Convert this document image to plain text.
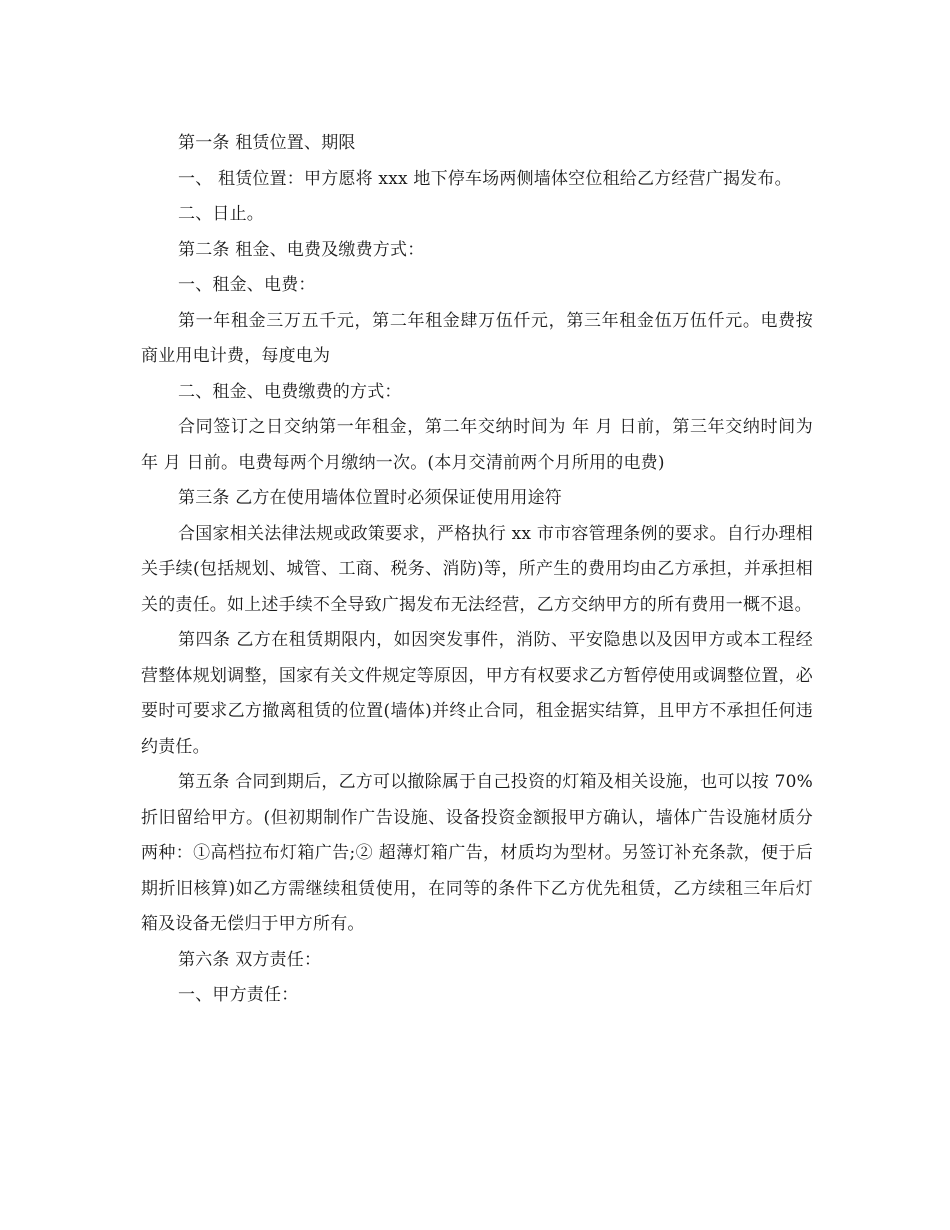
第一条 租赁位置、期限

一、 租赁位置：甲方愿将 xxx 地下停车场两侧墙体空位租给乙方经营广揭发布。

二、日止。

第二条 租金、电费及缴费方式：

一、租金、电费：

第一年租金三万五千元，第二年租金肆万伍仟元，第三年租金伍万伍仟元。电费按商业用电计费，每度电为

二、租金、电费缴费的方式：

合同签订之日交纳第一年租金，第二年交纳时间为 年 月 日前，第三年交纳时间为 年 月 日前。电费每两个月缴纳一次。(本月交清前两个月所用的电费)

第三条 乙方在使用墙体位置时必须保证使用用途符

合国家相关法律法规或政策要求，严格执行 xx 市市容管理条例的要求。自行办理相关手续(包括规划、城管、工商、税务、消防)等，所产生的费用均由乙方承担，并承担相关的责任。如上述手续不全导致广揭发布无法经营，乙方交纳甲方的所有费用一概不退。

第四条 乙方在租赁期限内，如因突发事件，消防、平安隐患以及因甲方或本工程经营整体规划调整，国家有关文件规定等原因，甲方有权要求乙方暂停使用或调整位置，必要时可要求乙方撤离租赁的位置(墙体)并终止合同，租金据实结算，且甲方不承担任何违约责任。

第五条 合同到期后，乙方可以撤除属于自己投资的灯箱及相关设施，也可以按 70%折旧留给甲方。(但初期制作广告设施、设备投资金额报甲方确认，墙体广告设施材质分两种：①高档拉布灯箱广告;② 超薄灯箱广告，材质均为型材。另签订补充条款，便于后期折旧核算)如乙方需继续租赁使用，在同等的条件下乙方优先租赁，乙方续租三年后灯箱及设备无偿归于甲方所有。

第六条 双方责任：

一、甲方责任：
